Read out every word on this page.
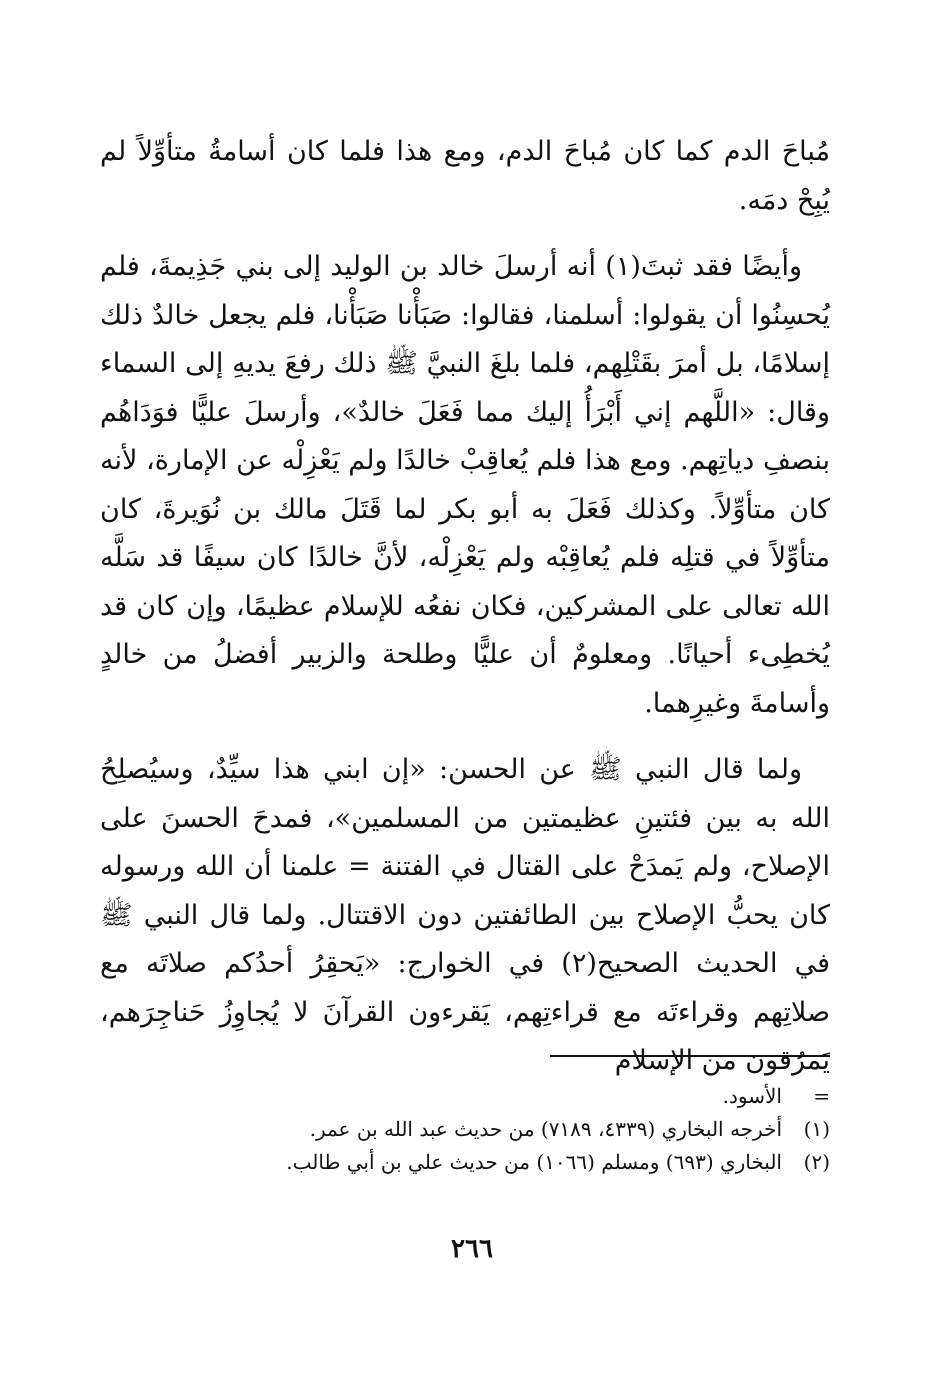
مُباحَ الدم كما كان مُباحَ الدم، ومع هذا فلما كان أسامةُ متأوِّلاً لم يُبِحْ دمَه.

وأيضًا فقد ثبتَ(١) أنه أرسلَ خالد بن الوليد إلى بني جَذِيمةَ، فلم يُحسِنُوا أن يقولوا: أسلمنا، فقالوا: صَبَأْنا صَبَأْنا، فلم يجعل خالدٌ ذلك إسلامًا، بل أمرَ بقَتْلِهم، فلما بلغَ النبيَّ ﷺ ذلك رفعَ يديهِ إلى السماء وقال: «اللَّهم إني أَبْرَأُ إليك مما فَعَلَ خالدٌ»، وأرسلَ عليًّا فوَدَاهُم بنصفِ دياتِهم. ومع هذا فلم يُعاقِبْ خالدًا ولم يَعْزِلْه عن الإمارة، لأنه كان متأوِّلاً. وكذلك فَعَلَ به أبو بكر لما قَتَلَ مالك بن نُوَيرةَ، كان متأوِّلاً في قتلِه فلم يُعاقِبْه ولم يَعْزِلْه، لأنَّ خالدًا كان سيفًا قد سَلَّه الله تعالى على المشركين، فكان نفعُه للإسلام عظيمًا، وإن كان قد يُخطِىء أحيانًا. ومعلومٌ أن عليًّا وطلحة والزبير أفضلُ من خالدٍ وأسامةَ وغيرِهما.

ولما قال النبي ﷺ عن الحسن: «إن ابني هذا سيِّدٌ، وسيُصلِحُ الله به بين فئتينِ عظيمتين من المسلمين»، فمدحَ الحسنَ على الإصلاح، ولم يَمدَحْ على القتال في الفتنة = علمنا أن الله ورسوله كان يحبُّ الإصلاح بين الطائفتين دون الاقتتال. ولما قال النبي ﷺ في الحديث الصحيح(٢) في الخوارج: «يَحقِرُ أحدُكم صلاتَه مع صلاتِهم وقراءتَه مع قراءتِهم، يَقرءون القرآنَ لا يُجاوِزُ حَناجِرَهم، يَمرُقون من الإسلام

=
الأسود.
(١)
أخرجه البخاري (٤٣٣٩، ٧١٨٩) من حديث عبد الله بن عمر.
(٢)
البخاري (٦٩٣) ومسلم (١٠٦٦) من حديث علي بن أبي طالب.
٢٦٦
